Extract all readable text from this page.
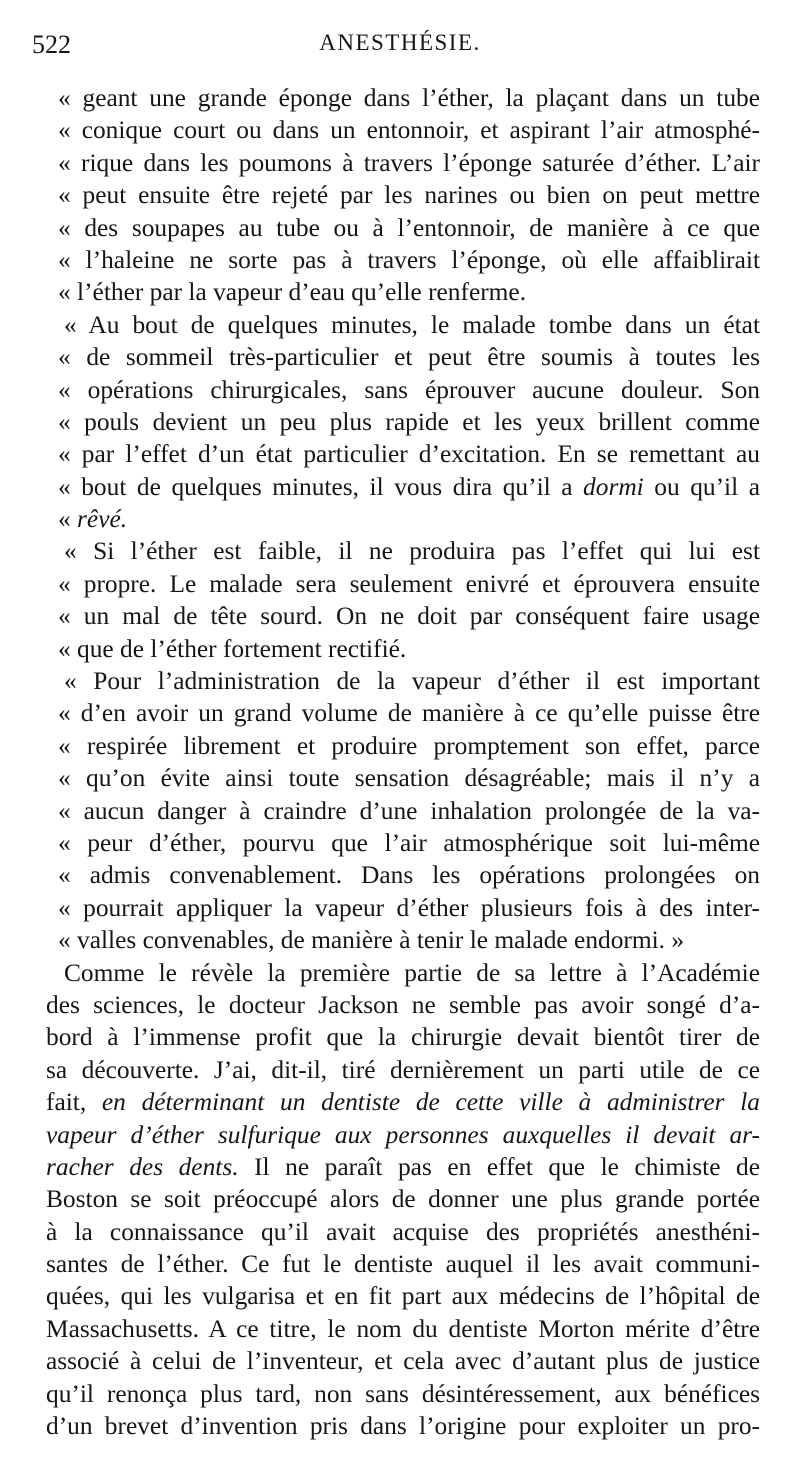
522	ANESTHÉSIE.
« geant une grande éponge dans l’éther, la plaçant dans un tube
« conique court ou dans un entonnoir, et aspirant l’air atmosphé-
« rique dans les poumons à travers l’éponge saturée d’éther. L’air
« peut ensuite être rejeté par les narines ou bien on peut mettre
« des soupapes au tube ou à l’entonnoir, de manière à ce que
« l’haleine ne sorte pas à travers l’éponge, où elle affaiblirait
« l’éther par la vapeur d’eau qu’elle renferme.
« Au bout de quelques minutes, le malade tombe dans un état
« de sommeil très-particulier et peut être soumis à toutes les
« opérations chirurgicales, sans éprouver aucune douleur. Son
« pouls devient un peu plus rapide et les yeux brillent comme
« par l’effet d’un état particulier d’excitation. En se remettant au
« bout de quelques minutes, il vous dira qu’il a dormi ou qu’il a
« rêvé.
« Si l’éther est faible, il ne produira pas l’effet qui lui est
« propre. Le malade sera seulement enivré et éprouvera ensuite
« un mal de tête sourd. On ne doit par conséquent faire usage
« que de l’éther fortement rectifié.
« Pour l’administration de la vapeur d’éther il est important
« d’en avoir un grand volume de manière à ce qu’elle puisse être
« respirée librement et produire promptement son effet, parce
« qu’on évite ainsi toute sensation désagréable; mais il n’y a
« aucun danger à craindre d’une inhalation prolongée de la va-
« peur d’éther, pourvu que l’air atmosphérique soit lui-même
« admis convenablement. Dans les opérations prolongées on
« pourrait appliquer la vapeur d’éther plusieurs fois à des inter-
« valles convenables, de manière à tenir le malade endormi. »
Comme le révèle la première partie de sa lettre à l’Académie
des sciences, le docteur Jackson ne semble pas avoir songé d’a-
bord à l’immense profit que la chirurgie devait bientôt tirer de
sa découverte. J’ai, dit-il, tiré dernièrement un parti utile de ce
fait, en déterminant un dentiste de cette ville à administrer la
vapeur d’éther sulfurique aux personnes auxquelles il devait ar-
racher des dents. Il ne paraît pas en effet que le chimiste de
Boston se soit préoccupé alors de donner une plus grande portée
à la connaissance qu’il avait acquise des propriétés anesthéni-
santes de l’éther. Ce fut le dentiste auquel il les avait communi-
quées, qui les vulgarisa et en fit part aux médecins de l’hôpital de
Massachusetts. A ce titre, le nom du dentiste Morton mérite d’être
associé à celui de l’inventeur, et cela avec d’autant plus de justice
qu’il renonça plus tard, non sans désintéressement, aux bénéfices
d’un brevet d’invention pris dans l’origine pour exploiter un pro-
